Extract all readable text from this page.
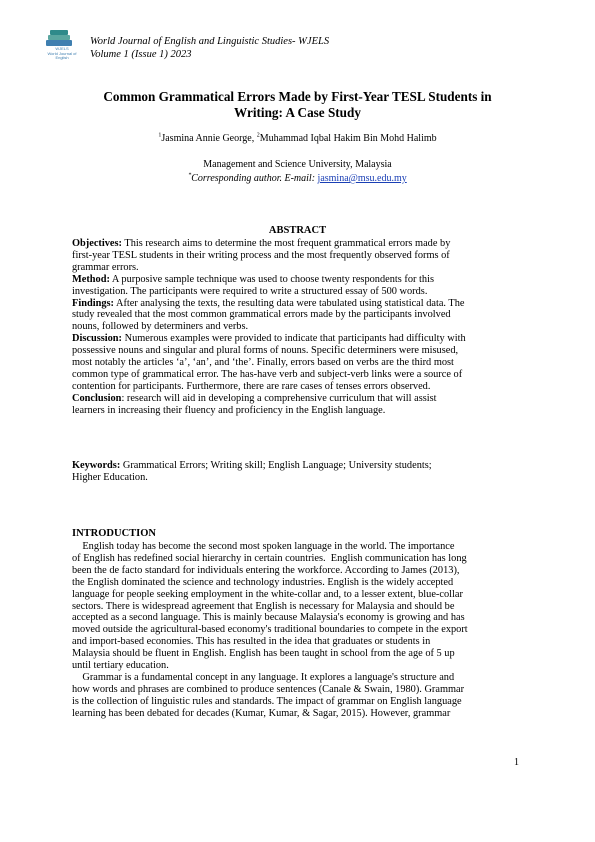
WJELS
World Journal of
English
World Journal of English and Linguistic Studies- WJELS
Volume 1 (Issue 1) 2023
Common Grammatical Errors Made by First-Year TESL Students in
Writing: A Case Study
$^1$Jasmina Annie George, $^2$Muhammad Iqbal Hakim Bin Mohd Halimb
Management and Science University, Malaysia
*Corresponding author. E-mail: jasmina@msu.edu.my
ABSTRACT
Objectives: This research aims to determine the most frequent grammatical errors made by
first-year TESL students in their writing process and the most frequently observed forms of
grammar errors.
Method: A purposive sample technique was used to choose twenty respondents for this
investigation. The participants were required to write a structured essay of 500 words.
Findings: After analysing the texts, the resulting data were tabulated using statistical data. The
study revealed that the most common grammatical errors made by the participants involved
nouns, followed by determiners and verbs.
Discussion: Numerous examples were provided to indicate that participants had difficulty with
possessive nouns and singular and plural forms of nouns. Specific determiners were misused,
most notably the articles ‘a’, ‘an’, and ‘the’. Finally, errors based on verbs are the third most
common type of grammatical error. The has-have verb and subject-verb links were a source of
contention for participants. Furthermore, there are rare cases of tenses errors observed.
Conclusion: research will aid in developing a comprehensive curriculum that will assist
learners in increasing their fluency and proficiency in the English language.
Keywords: Grammatical Errors; Writing skill; English Language; University students;
Higher Education.
INTRODUCTION
English today has become the second most spoken language in the world. The importance
of English has redefined social hierarchy in certain countries.  English communication has long
been the de facto standard for individuals entering the workforce. According to James (2013),
the English dominated the science and technology industries. English is the widely accepted
language for people seeking employment in the white-collar and, to a lesser extent, blue-collar
sectors. There is widespread agreement that English is necessary for Malaysia and should be
accepted as a second language. This is mainly because Malaysia's economy is growing and has
moved outside the agricultural-based economy's traditional boundaries to compete in the export
and import-based economies. This has resulted in the idea that graduates or students in
Malaysia should be fluent in English. English has been taught in school from the age of 5 up
until tertiary education.
Grammar is a fundamental concept in any language. It explores a language's structure and
how words and phrases are combined to produce sentences (Canale & Swain, 1980). Grammar
is the collection of linguistic rules and standards. The impact of grammar on English language
learning has been debated for decades (Kumar, Kumar, & Sagar, 2015). However, grammar
1
